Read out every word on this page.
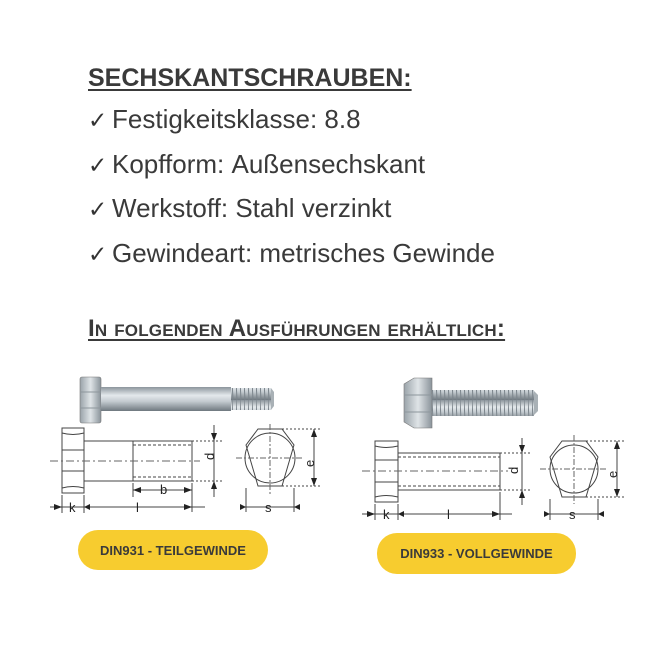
SECHSKANTSCHRAUBEN:
✓ Festigkeitsklasse: 8.8
✓ Kopfform: Außensechskant
✓ Werkstoff: Stahl verzinkt
✓ Gewindeart: metrisches Gewinde
In folgenden Ausführungen erhältlich:
k	l
b
d
s
e
k	l
d
s
e
DIN931 - TEILGEWINDE	DIN933 - VOLLGEWINDE
